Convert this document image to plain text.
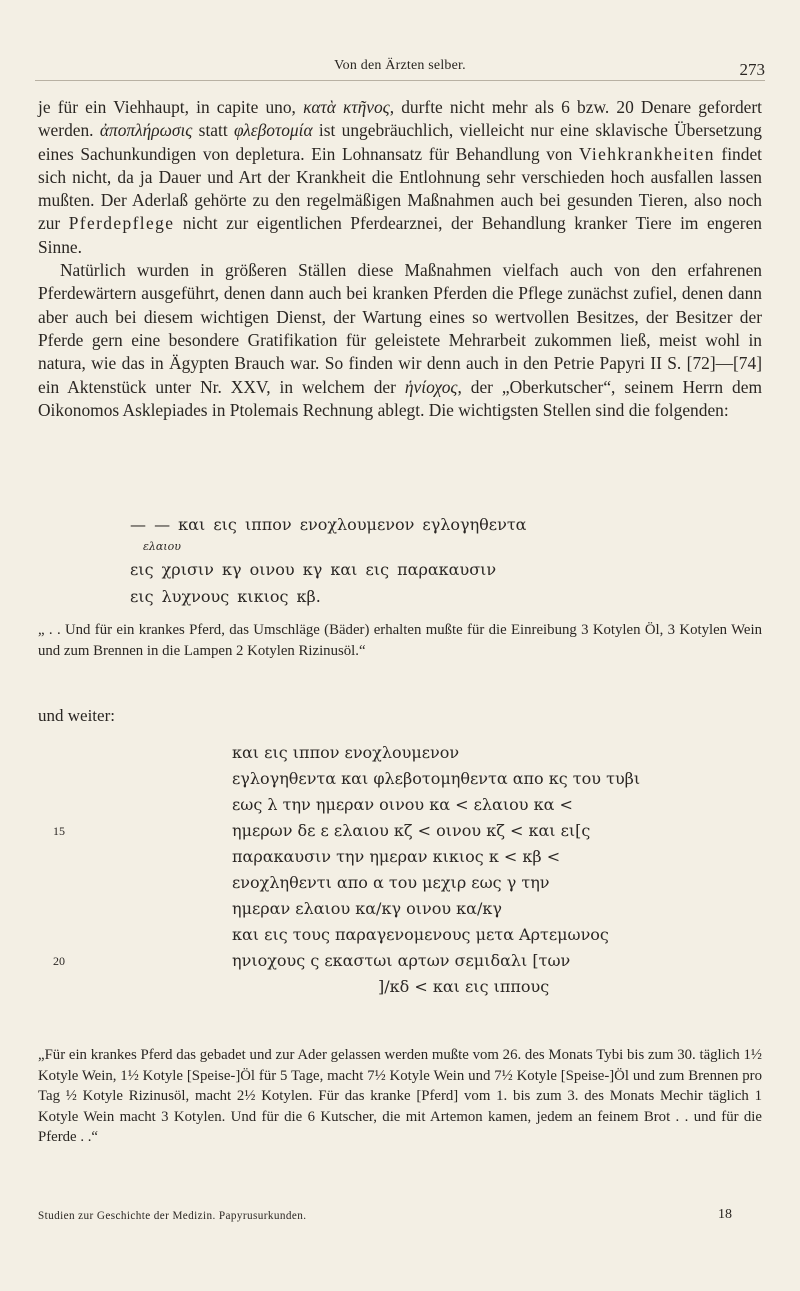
Von den Ärzten selber.	273

je für ein Viehhaupt, in capite uno, κατὰ κτῆνος, durfte nicht mehr als 6 bzw. 20 Denare gefordert werden. ἀποπλήρωσις statt φλεβοτομία ist ungebräuchlich, vielleicht nur eine sklavische Übersetzung eines Sachunkundigen von depletura. Ein Lohnansatz für Behandlung von Viehkrankheiten findet sich nicht, da ja Dauer und Art der Krankheit die Entlohnung sehr verschieden hoch ausfallen lassen mußten. Der Aderlaß gehörte zu den regelmäßigen Maßnahmen auch bei gesunden Tieren, also noch zur Pferdepflege nicht zur eigentlichen Pferdearznei, der Behandlung kranker Tiere im engeren Sinne.

Natürlich wurden in größeren Ställen diese Maßnahmen vielfach auch von den erfahrenen Pferdewärtern ausgeführt, denen dann auch bei kranken Pferden die Pflege zunächst zufiel, denen dann aber auch bei diesem wichtigen Dienst, der Wartung eines so wertvollen Besitzes, der Besitzer der Pferde gern eine besondere Gratifikation für geleistete Mehrarbeit zukommen ließ, meist wohl in natura, wie das in Ägypten Brauch war. So finden wir denn auch in den Petrie Papyri II S. [72]—[74] ein Aktenstück unter Nr. XXV, in welchem der ἡνίοχος, der „Oberkutscher“, seinem Herrn dem Oikonomos Asklepiades in Ptolemais Rechnung ablegt. Die wichtigsten Stellen sind die folgenden:

— — και εις ιππον ενοχλουμενον εγλογηθεντα
ελαιου
εις χρισιν κγ οινου κγ και εις παρακαυσιν
εις λυχνους κικιος κβ.

„ . . Und für ein krankes Pferd, das Umschläge (Bäder) erhalten mußte für die Einreibung 3 Kotylen Öl, 3 Kotylen Wein und zum Brennen in die Lampen 2 Kotylen Rizinusöl.“

und weiter:
και εις ιππον ενοχλουμενον
εγλογηθεντα και φλεβοτομηθεντα απο κς του τυβι
εως λ την ημεραν οινου κα < ελαιου κα <
15	ημερων δε ε ελαιου κζ < οινου κζ < και ει[ς
παρακαυσιν την ημεραν κικιος κ < κβ <
ενοχληθεντι απο α του μεχιρ εως γ την
ημεραν ελαιου κα/κγ οινου κα/κγ
και εις τους παραγενομενους μετα Αρτεμωνος
20	ηνιοχους ς εκαστωι αρτων σεμιδαλι [των
]/κδ < και εις ιππους

„Für ein krankes Pferd das gebadet und zur Ader gelassen werden mußte vom 26. des Monats Tybi bis zum 30. täglich 1½ Kotyle Wein, 1½ Kotyle [Speise-]Öl für 5 Tage, macht 7½ Kotyle Wein und 7½ Kotyle [Speise-]Öl und zum Brennen pro Tag ½ Kotyle Rizinusöl, macht 2½ Kotylen. Für das kranke [Pferd] vom 1. bis zum 3. des Monats Mechir täglich 1 Kotyle Wein macht 3 Kotylen. Und für die 6 Kutscher, die mit Artemon kamen, jedem an feinem Brot . . und für die Pferde . .“

Studien zur Geschichte der Medizin. Papyrusurkunden.	18
